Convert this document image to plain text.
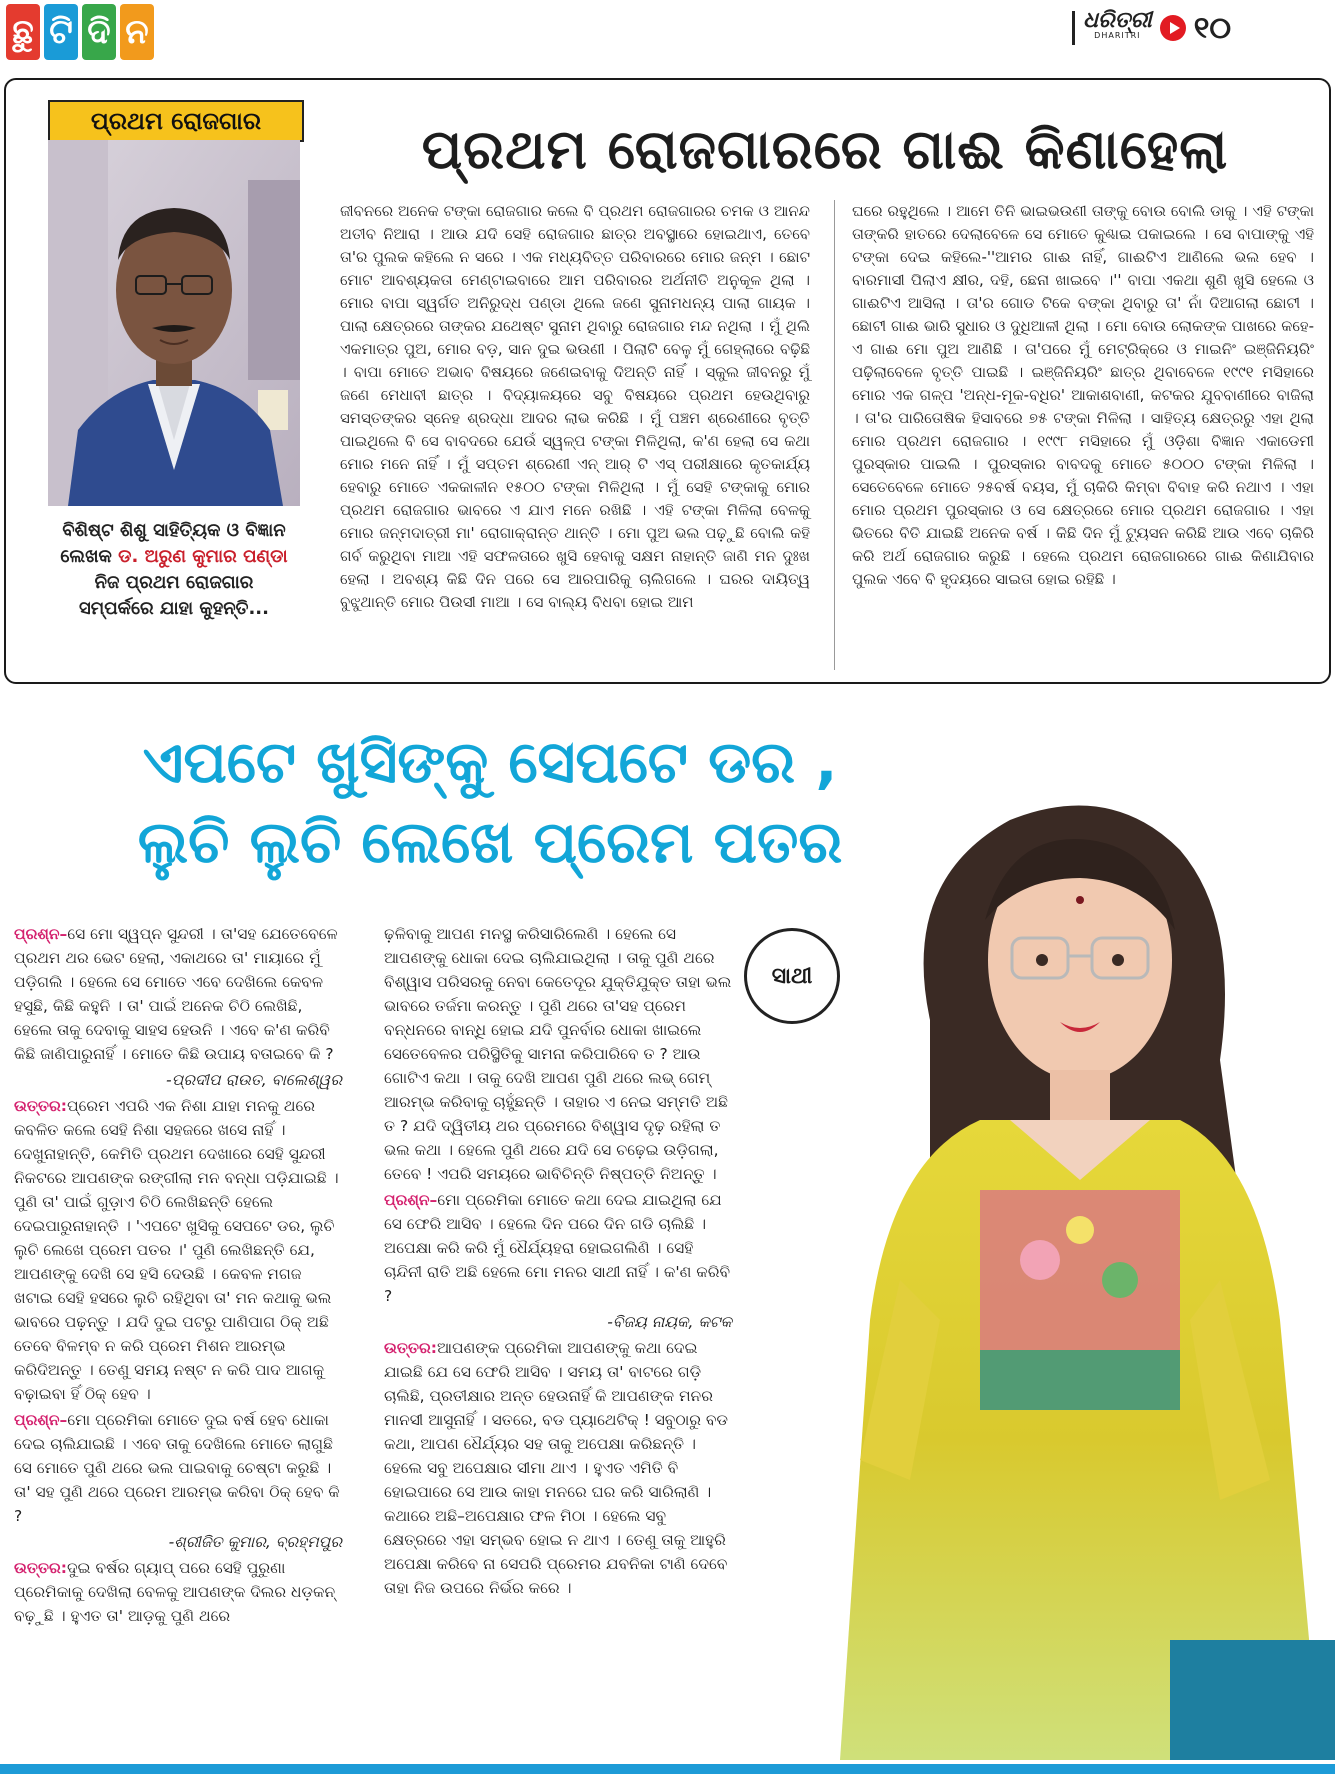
ଛୁ ଟି ଦି ନ	ଧରିତ୍ରୀ
DHARITRI ୧୦
ପ୍ରଥମ ରୋଜଗାର
ବିଶିଷ୍ଟ ଶିଶୁ ସାହିତ୍ୟିକ ଓ ବିଜ୍ଞାନ
ଲେଖକ ଡ. ଅରୁଣ କୁମାର ପଣ୍ଡା
ନିଜ ପ୍ରଥମ ରୋଜଗାର
ସମ୍ପର୍କରେ ଯାହା କୁହନ୍ତି...
ପ୍ରଥମ ରୋଜଗାରରେ ଗାଈ କିଣାହେଲା
ଜୀବନରେ ଅନେକ ଟଙ୍କା ରୋଜଗାର କଲେ ବି ପ୍ରଥମ ରୋଜଗାରର ଚମକ ଓ ଆନନ୍ଦ ଅତୀବ ନିଆରା । ଆଉ ଯଦି ସେହି ରୋଜଗାର ଛାତ୍ର ଅବସ୍ଥାରେ ହୋଇଥାଏ, ତେବେ ତା'ର ପୁଲକ କହିଲେ ନ ସରେ । ଏକ ମଧ୍ୟବିତ୍ତ ପରିବାରରେ ମୋର ଜନ୍ମ । ଛୋଟ ମୋଟ ଆବଶ୍ୟକତା ମେଣ୍ଟାଇବାରେ ଆମ ପରିବାରର ଅର୍ଥନୀତି ଅନୁକୂଳ ଥିଲା । ମୋର ବାପା ସ୍ୱର୍ଗତ ଅନିରୁଦ୍ଧ ପଣ୍ଡା ଥିଲେ ଜଣେ ସୁନାମଧନ୍ୟ ପାଲା ଗାୟକ । ପାଲା କ୍ଷେତ୍ରରେ ତାଙ୍କର ଯଥେଷ୍ଟ ସୁନାମ ଥିବାରୁ ରୋଜଗାର ମନ୍ଦ ନଥିଲା । ମୁଁ ଥିଲି ଏକମାତ୍ର ପୁଅ, ମୋର ବଡ଼, ସାନ ଦୁଇ ଭଉଣୀ । ପିଲାଟି ବେଳୁ ମୁଁ ଗେହ୍ଲାରେ ବଢ଼ିଛି । ବାପା ମୋତେ ଅଭାବ ବିଷୟରେ ଜଣେଇବାକୁ ଦିଅନ୍ତି ନାହିଁ । ସ୍କୁଲ ଜୀବନରୁ ମୁଁ ଜଣେ ମେଧାବୀ ଛାତ୍ର । ବିଦ୍ୟାଳୟରେ ସବୁ ବିଷୟରେ ପ୍ରଥମ ହେଉଥିବାରୁ ସମସ୍ତଙ୍କର ସ୍ନେହ ଶ୍ରଦ୍ଧା ଆଦର ଲାଭ କରିଛି । ମୁଁ ପଞ୍ଚମ ଶ୍ରେଣୀରେ ବୃତ୍ତି ପାଇଥିଲେ ବି ସେ ବାବଦରେ ଯେଉଁ ସ୍ୱଳ୍ପ ଟଙ୍କା ମିଳିଥିଲା, କ'ଣ ହେଲା ସେ କଥା ମୋର ମନେ ନାହିଁ । ମୁଁ ସପ୍ତମ ଶ୍ରେଣୀ ଏନ୍ ଆର୍ ଟି ଏସ୍ ପରୀକ୍ଷାରେ କୃତକାର୍ଯ୍ୟ ହେବାରୁ ମୋତେ ଏକକାଳୀନ ୧୫୦୦ ଟଙ୍କା ମିଳିଥିଲା । ମୁଁ ସେହି ଟଙ୍କାକୁ ମୋର ପ୍ରଥମ ରୋଜଗାର ଭାବରେ ଏ ଯାଏ ମନେ ରଖିଛି । ଏହି ଟଙ୍କା ମିଳିଲା ବେଳକୁ ମୋର ଜନ୍ମଦାତ୍ରୀ ମା' ରୋଗାକ୍ରାନ୍ତ ଥାନ୍ତି । ମୋ ପୁଅ ଭଲ ପଢ଼ୁଛି ବୋଲି କହି ଗର୍ବ କରୁଥିବା ମାଆ ଏହି ସଫଳତାରେ ଖୁସି ହେବାକୁ ସକ୍ଷମ ନାହାନ୍ତି ଜାଣି ମନ ଦୁଃଖ ହେଲା । ଅବଶ୍ୟ କିଛି ଦିନ ପରେ ସେ ଆରପାରିକୁ ଚାଲିଗଲେ । ଘରର ଦାୟିତ୍ୱ ବୁଝୁଥାନ୍ତି ମୋର ପିଉସୀ ମାଆ । ସେ ବାଲ୍ୟ ବିଧବା ହୋଇ ଆମ
ଘରେ ରହୁଥିଲେ । ଆମେ ତିନି ଭାଇଭଉଣୀ ତାଙ୍କୁ ବୋଉ ବୋଲି ଡାକୁ । ଏହି ଟଙ୍କା ତାଙ୍କରି ହାତରେ ଦେଲାବେଳେ ସେ ମୋତେ କୁଣ୍ଢାଇ ପକାଇଲେ । ସେ ବାପାଙ୍କୁ ଏହି ଟଙ୍କା ଦେଇ କହିଲେ-''ଆମର ଗାଈ ନାହିଁ, ଗାଈଟିଏ ଆଣିଲେ ଭଲ ହେବ । ବାରମାସୀ ପିଲାଏ କ୍ଷୀର, ଦହି, ଛେନା ଖାଇବେ ।'' ବାପା ଏକଥା ଶୁଣି ଖୁସି ହେଲେ ଓ ଗାଈଟିଏ ଆସିଲା । ତା'ର ଗୋଡ ଟିକେ ବଙ୍କା ଥିବାରୁ ତା' ନାଁ ଦିଆଗଲା ଛୋଟୀ । ଛୋଟୀ ଗାଈ ଭାରି ସୁଧାର ଓ ଦୁଧିଆଳୀ ଥିଲା । ମୋ ବୋଉ ଲୋକଙ୍କ ପାଖରେ କହେ- ଏ ଗାଈ ମୋ ପୁଅ ଆଣିଛି । ତା'ପରେ ମୁଁ ମେଟ୍ରିକ୍‌ରେ ଓ ମାଇନିଂ ଇଞ୍ଜିନିୟରିଂ ପଢ଼ିଲାବେଳେ ବୃତ୍ତି ପାଇଛି । ଇଞ୍ଜିନିୟରିଂ ଛାତ୍ର ଥିବାବେଳେ ୧୯୯୧ ମସିହାରେ ମୋର ଏକ ଗଳ୍ପ 'ଅନ୍ଧ-ମୂକ-ବଧିର' ଆକାଶବାଣୀ, କଟକର ଯୁବବାଣୀରେ ବାଜିଲା । ତା'ର ପାରିତୋଷିକ ହିସାବରେ ୭୫ ଟଙ୍କା ମିଳିଲା । ସାହିତ୍ୟ କ୍ଷେତ୍ରରୁ ଏହା ଥିଲା ମୋର ପ୍ରଥମ ରୋଜଗାର । ୧୯୯୮ ମସିହାରେ ମୁଁ ଓଡ଼ିଶା ବିଜ୍ଞାନ ଏକାଡେମୀ ପୁରସ୍କାର ପାଇଲି । ପୁରସ୍କାର ବାବଦକୁ ମୋତେ ୫୦୦୦ ଟଙ୍କା ମିଳିଲା । ସେତେବେଳେ ମୋତେ ୨୫ବର୍ଷ ବୟସ, ମୁଁ ଚାକିରି କିମ୍ବା ବିବାହ କରି ନଥାଏ । ଏହା ମୋର ପ୍ରଥମ ପୁରସ୍କାର ଓ ସେ କ୍ଷେତ୍ରରେ ମୋର ପ୍ରଥମ ରୋଜଗାର । ଏହା ଭିତରେ ବିତି ଯାଇଛି ଅନେକ ବର୍ଷ । କିଛି ଦିନ ମୁଁ ଟ୍ୟୁସନ କରିଛି ଆଉ ଏବେ ଚାକିରି କରି ଅର୍ଥ ରୋଜଗାର କରୁଛି । ହେଲେ ପ୍ରଥମ ରୋଜଗାରରେ ଗାଈ କିଣାଯିବାର ପୁଲକ ଏବେ ବି ହୃଦୟରେ ସାଇତା ହୋଇ ରହିଛି ।
ଏପଟେ ଖୁସିଙ୍କୁ ସେପଟେ ଡର ,
ଲୁଚି ଲୁଚି ଲେଖେ ପ୍ରେମ ପତର
ସାଥୀ

ପ୍ରଶ୍ନ–ସେ ମୋ ସ୍ୱପ୍ନ ସୁନ୍ଦରୀ । ତା'ସହ ଯେତେବେଳେ ପ୍ରଥମ ଥର ଭେଟ ହେଲା, ଏକାଥରେ ତା' ମାୟାରେ ମୁଁ ପଡ଼ିଗଲି । ହେଲେ ସେ ମୋତେ ଏବେ ଦେଖିଲେ କେବଳ ହସୁଛି, କିଛି କହୁନି । ତା' ପାଇଁ ଅନେକ ଚିଠି ଲେଖିଛି, ହେଲେ ତାକୁ ଦେବାକୁ ସାହସ ହେଉନି । ଏବେ କ'ଣ କରିବି କିଛି ଜାଣିପାରୁନାହିଁ । ମୋତେ କିଛି ଉପାୟ ବତାଇବେ କି ?

-ପ୍ରଦୀପ ରାଉତ, ବାଲେଶ୍ୱର

ଉତ୍ତର:ପ୍ରେମ ଏପରି ଏକ ନିଶା ଯାହା ମନକୁ ଥରେ କବଳିତ କଲେ ସେହି ନିଶା ସହଜରେ ଖସେ ନାହିଁ । ଦେଖୁନାହାନ୍ତି, କେମିତି ପ୍ରଥମ ଦେଖାରେ ସେହି ସୁନ୍ଦରୀ ନିକଟରେ ଆପଣଙ୍କ ରଙ୍ଗୀଲା ମନ ବନ୍ଧା ପଡ଼ିଯାଇଛି । ପୁଣି ତା' ପାଇଁ ଗୁଡ଼ାଏ ଚିଠି ଲେଖିଛନ୍ତି ହେଲେ ଦେଇପାରୁନାହାନ୍ତି । 'ଏପଟେ ଖୁସିକୁ ସେପଟେ ଡର, ଲୁଚି ଲୁଚି ଲେଖେ ପ୍ରେମ ପତର ।' ପୁଣି ଲେଖିଛନ୍ତି ଯେ, ଆପଣଙ୍କୁ ଦେଖି ସେ ହସି ଦେଉଛି । କେବଳ ମଗଜ ଖଟାଇ ସେହି ହସରେ ଲୁଚି ରହିଥିବା ତା' ମନ କଥାକୁ ଭଲ ଭାବରେ ପଢ଼ନ୍ତୁ । ଯଦି ଦୁଇ ପଟରୁ ପାଣିପାଗ ଠିକ୍ ଅଛି ତେବେ ବିଳମ୍ବ ନ କରି ପ୍ରେମ ମିଶନ ଆରମ୍ଭ କରିଦିଅନ୍ତୁ । ତେଣୁ ସମୟ ନଷ୍ଟ ନ କରି ପାଦ ଆଗକୁ ବଢ଼ାଇବା ହିଁ ଠିକ୍ ହେବ ।

ପ୍ରଶ୍ନ–ମୋ ପ୍ରେମିକା ମୋତେ ଦୁଇ ବର୍ଷ ହେବ ଧୋକା ଦେଇ ଚାଲିଯାଇଛି । ଏବେ ତାକୁ ଦେଖିଲେ ମୋତେ ଲାଗୁଛି ସେ ମୋତେ ପୁଣି ଥରେ ଭଲ ପାଇବାକୁ ଚେଷ୍ଟା କରୁଛି । ତା' ସହ ପୁଣି ଥରେ ପ୍ରେମ ଆରମ୍ଭ କରିବା ଠିକ୍ ହେବ କି ?

-ଶ୍ରୀଜିତ କୁମାର, ବ୍ରହ୍ମପୁର

ଉତ୍ତର:ଦୁଇ ବର୍ଷର ଗ୍ୟାପ୍ ପରେ ସେହି ପୁରୁଣା ପ୍ରେମିକାକୁ ଦେଖିଲା ବେଳକୁ ଆପଣଙ୍କ ଦିଲର ଧଡ଼କନ୍ ବଢ଼ୁଛି । ହୁଏତ ତା' ଆଡ଼କୁ ପୁଣି ଥରେ

ଢ଼ଳିବାକୁ ଆପଣ ମନସ୍ଥ କରିସାରିଲେଣି । ହେଲେ ସେ ଆପଣଙ୍କୁ ଧୋକା ଦେଇ ଚାଲିଯାଇଥିଲା । ତାକୁ ପୁଣି ଥରେ ବିଶ୍ୱାସ ପରିସରକୁ ନେବା କେତେଦୂର ଯୁକ୍ତିଯୁକ୍ତ ତାହା ଭଲ ଭାବରେ ତର୍ଜମା କରନ୍ତୁ । ପୁଣି ଥରେ ତା'ସହ ପ୍ରେମ ବନ୍ଧନରେ ବାନ୍ଧି ହୋଇ ଯଦି ପୁନର୍ବାର ଧୋକା ଖାଇଲେ ସେତେବେଳର ପରିସ୍ଥିତିକୁ ସାମନା କରିପାରିବେ ତ ? ଆଉ ଗୋଟିଏ କଥା । ତାକୁ ଦେଖି ଆପଣ ପୁଣି ଥରେ ଲଭ୍ ଗେମ୍ ଆରମ୍ଭ କରିବାକୁ ଚାହୁଁଛନ୍ତି । ତାହାର ଏ ନେଇ ସମ୍ମତି ଅଛି ତ ? ଯଦି ଦ୍ୱିତୀୟ ଥର ପ୍ରେମରେ ବିଶ୍ୱାସ ଦୃଢ଼ ରହିଲା ତ ଭଲ କଥା । ହେଲେ ପୁଣି ଥରେ ଯଦି ସେ ଚଢ଼େଇ ଉଡ଼ିଗଲା, ତେବେ ! ଏପରି ସମୟରେ ଭାବିଚିନ୍ତି ନିଷ୍ପତ୍ତି ନିଅନ୍ତୁ ।

ପ୍ରଶ୍ନ–ମୋ ପ୍ରେମିକା ମୋତେ କଥା ଦେଇ ଯାଇଥିଲା ଯେ ସେ ଫେରି ଆସିବ । ହେଲେ ଦିନ ପରେ ଦିନ ଗଡି ଚାଲିଛି । ଅପେକ୍ଷା କରି କରି ମୁଁ ଧୈର୍ଯ୍ୟହରା ହୋଇଗଲିଣି । ସେହି ଚାନ୍ଦିନୀ ରାତି ଅଛି ହେଲେ ମୋ ମନର ସାଥୀ ନାହିଁ । କ'ଣ କରିବି ?

-ବିଜୟ ନାୟକ, କଟକ

ଉତ୍ତର:ଆପଣଙ୍କ ପ୍ରେମିକା ଆପଣଙ୍କୁ କଥା ଦେଇ ଯାଇଛି ଯେ ସେ ଫେରି ଆସିବ । ସମୟ ତା' ବାଟରେ ଗଡ଼ି ଚାଲିଛି, ପ୍ରତୀକ୍ଷାର ଅନ୍ତ ହେଉନାହିଁ କି ଆପଣଙ୍କ ମନର ମାନସୀ ଆସୁନାହିଁ । ସତରେ, ବଡ ପ୍ୟାଥେଟିକ୍ ! ସବୁଠାରୁ ବଡ କଥା, ଆପଣ ଧୈର୍ଯ୍ୟର ସହ ତାକୁ ଅପେକ୍ଷା କରିଛନ୍ତି । ହେଲେ ସବୁ ଅପେକ୍ଷାର ସୀମା ଥାଏ । ହୁଏତ ଏମିତି ବି ହୋଇପାରେ ସେ ଆଉ କାହା ମନରେ ଘର କରି ସାରିଲାଣି । କଥାରେ ଅଛି–ଅପେକ୍ଷାର ଫଳ ମିଠା । ହେଲେ ସବୁ କ୍ଷେତ୍ରରେ ଏହା ସମ୍ଭବ ହୋଇ ନ ଥାଏ । ତେଣୁ ତାକୁ ଆହୁରି ଅପେକ୍ଷା କରିବେ ନା ସେପରି ପ୍ରେମର ଯବନିକା ଟାଣି ଦେବେ ତାହା ନିଜ ଉପରେ ନିର୍ଭର କରେ ।
